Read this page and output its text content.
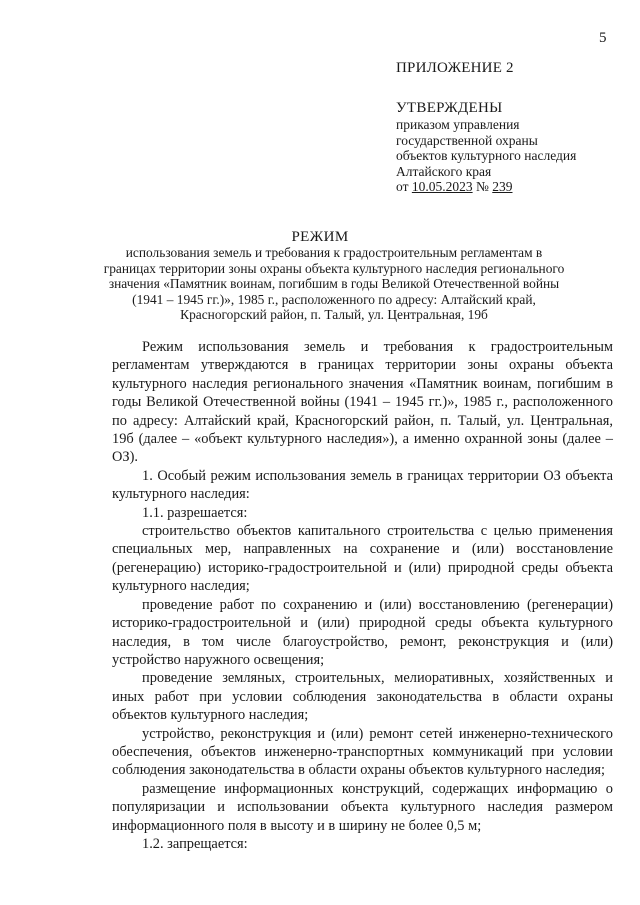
5

ПРИЛОЖЕНИЕ 2

УТВЕРЖДЕНЫ

приказом управления

государственной охраны

объектов культурного наследия

Алтайского края

от 10.05.2023 № 239

РЕЖИМ
использования земель и требования к градостроительным регламентам в границах территории зоны охраны объекта культурного наследия регионального значения «Памятник воинам, погибшим в годы Великой Отечественной войны (1941 – 1945 гг.)», 1985 г., расположенного по адресу: Алтайский край, Красногорский район, п. Талый, ул. Центральная, 19б

Режим использования земель и требования к градостроительным регламентам утверждаются в границах территории зоны охраны объекта культурного наследия регионального значения «Памятник воинам, погибшим в годы Великой Отечественной войны (1941 – 1945 гг.)», 1985 г., расположенного по адресу: Алтайский край, Красногорский район, п. Талый, ул. Центральная, 19б (далее – «объект культурного наследия»), а именно охранной зоны (далее – ОЗ).

1. Особый режим использования земель в границах территории ОЗ объекта культурного наследия:

1.1. разрешается:

строительство объектов капитального строительства с целью применения специальных мер, направленных на сохранение и (или) восстановление (регенерацию) историко-градостроительной и (или) природной среды объекта культурного наследия;

проведение работ по сохранению и (или) восстановлению (регенерации) историко-градостроительной и (или) природной среды объекта культурного наследия, в том числе благоустройство, ремонт, реконструкция и (или) устройство наружного освещения;

проведение земляных, строительных, мелиоративных, хозяйственных и иных работ при условии соблюдения законодательства в области охраны объектов культурного наследия;

устройство, реконструкция и (или) ремонт сетей инженерно-технического обеспечения, объектов инженерно-транспортных коммуникаций при условии соблюдения законодательства в области охраны объектов культурного наследия;

размещение информационных конструкций, содержащих информацию о популяризации и использовании объекта культурного наследия размером информационного поля в высоту и в ширину не более 0,5 м;

1.2. запрещается:
